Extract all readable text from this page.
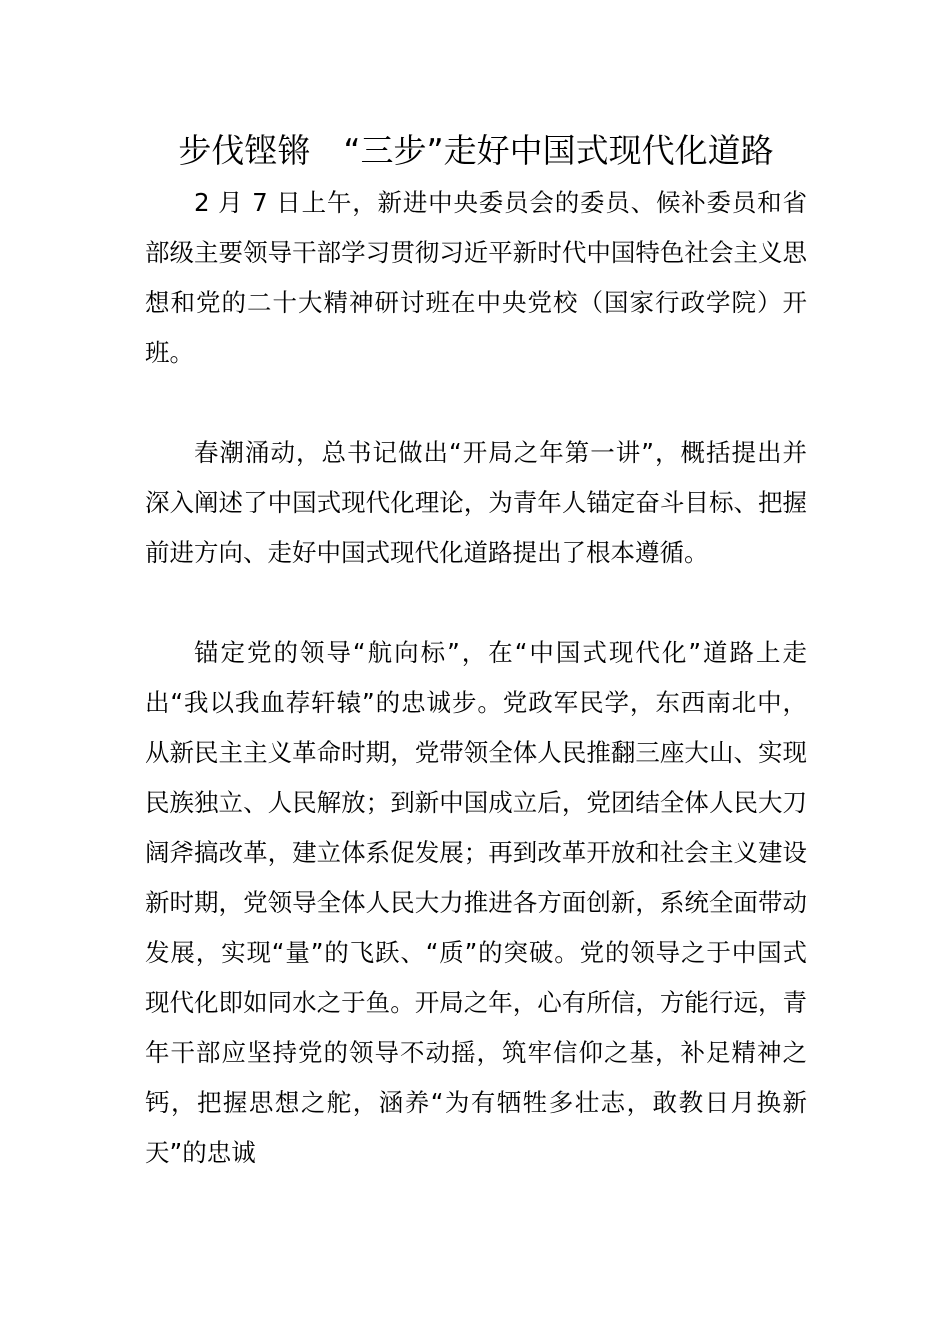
步伐铿锵　“三步”走好中国式现代化道路

2 月 7 日上午，新进中央委员会的委员、候补委员和省部级主要领导干部学习贯彻习近平新时代中国特色社会主义思想和党的二十大精神研讨班在中央党校（国家行政学院）开班。

春潮涌动，总书记做出“开局之年第一讲”，概括提出并深入阐述了中国式现代化理论，为青年人锚定奋斗目标、把握前进方向、走好中国式现代化道路提出了根本遵循。

锚定党的领导“航向标”，在“中国式现代化”道路上走出“我以我血荐轩辕”的忠诚步。党政军民学，东西南北中，从新民主主义革命时期，党带领全体人民推翻三座大山、实现民族独立、人民解放；到新中国成立后，党团结全体人民大刀阔斧搞改革，建立体系促发展；再到改革开放和社会主义建设新时期，党领导全体人民大力推进各方面创新，系统全面带动发展，实现“量”的飞跃、“质”的突破。党的领导之于中国式现代化即如同水之于鱼。开局之年，心有所信，方能行远，青年干部应坚持党的领导不动摇，筑牢信仰之基，补足精神之钙，把握思想之舵，涵养“为有牺牲多壮志，敢教日月换新天”的忠诚
